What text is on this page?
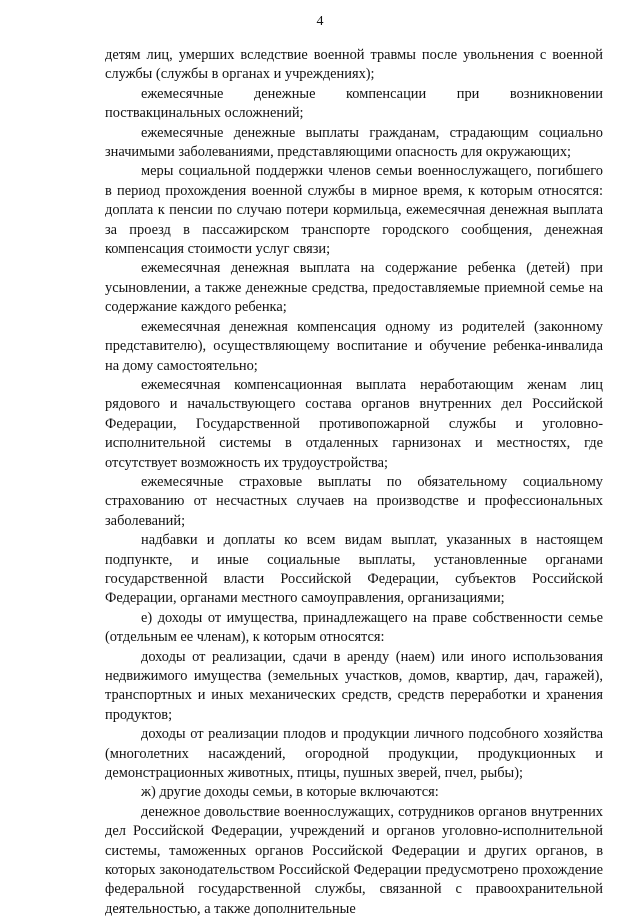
4

детям лиц, умерших вследствие военной травмы после увольнения с военной службы (службы в органах и учреждениях);

ежемесячные денежные компенсации при возникновении поствакцинальных осложнений;

ежемесячные денежные выплаты гражданам, страдающим социально значимыми заболеваниями, представляющими опасность для окружающих;

меры социальной поддержки членов семьи военнослужащего, погибшего в период прохождения военной службы в мирное время, к которым относятся: доплата к пенсии по случаю потери кормильца, ежемесячная денежная выплата за проезд в пассажирском транспорте городского сообщения, денежная компенсация стоимости услуг связи;

ежемесячная денежная выплата на содержание ребенка (детей) при усыновлении, а также денежные средства, предоставляемые приемной семье на содержание каждого ребенка;

ежемесячная денежная компенсация одному из родителей (законному представителю), осуществляющему воспитание и обучение ребенка-инвалида на дому самостоятельно;

ежемесячная компенсационная выплата неработающим женам лиц рядового и начальствующего состава органов внутренних дел Российской Федерации, Государственной противопожарной службы и уголовно-исполнительной системы в отдаленных гарнизонах и местностях, где отсутствует возможность их трудоустройства;

ежемесячные страховые выплаты по обязательному социальному страхованию от несчастных случаев на производстве и профессиональных заболеваний;

надбавки и доплаты ко всем видам выплат, указанных в настоящем подпункте, и иные социальные выплаты, установленные органами государственной власти Российской Федерации, субъектов Российской Федерации, органами местного самоуправления, организациями;

е) доходы от имущества, принадлежащего на праве собственности семье (отдельным ее членам), к которым относятся:

доходы от реализации, сдачи в аренду (наем) или иного использования недвижимого имущества (земельных участков, домов, квартир, дач, гаражей), транспортных и иных механических средств, средств переработки и хранения продуктов;

доходы от реализации плодов и продукции личного подсобного хозяйства (многолетних насаждений, огородной продукции, продукционных и демонстрационных животных, птицы, пушных зверей, пчел, рыбы);

ж) другие доходы семьи, в которые включаются:

денежное довольствие военнослужащих, сотрудников органов внутренних дел Российской Федерации, учреждений и органов уголовно-исполнительной системы, таможенных органов Российской Федерации и других органов, в которых законодательством Российской Федерации предусмотрено прохождение федеральной государственной службы, связанной с правоохранительной деятельностью, а также дополнительные
